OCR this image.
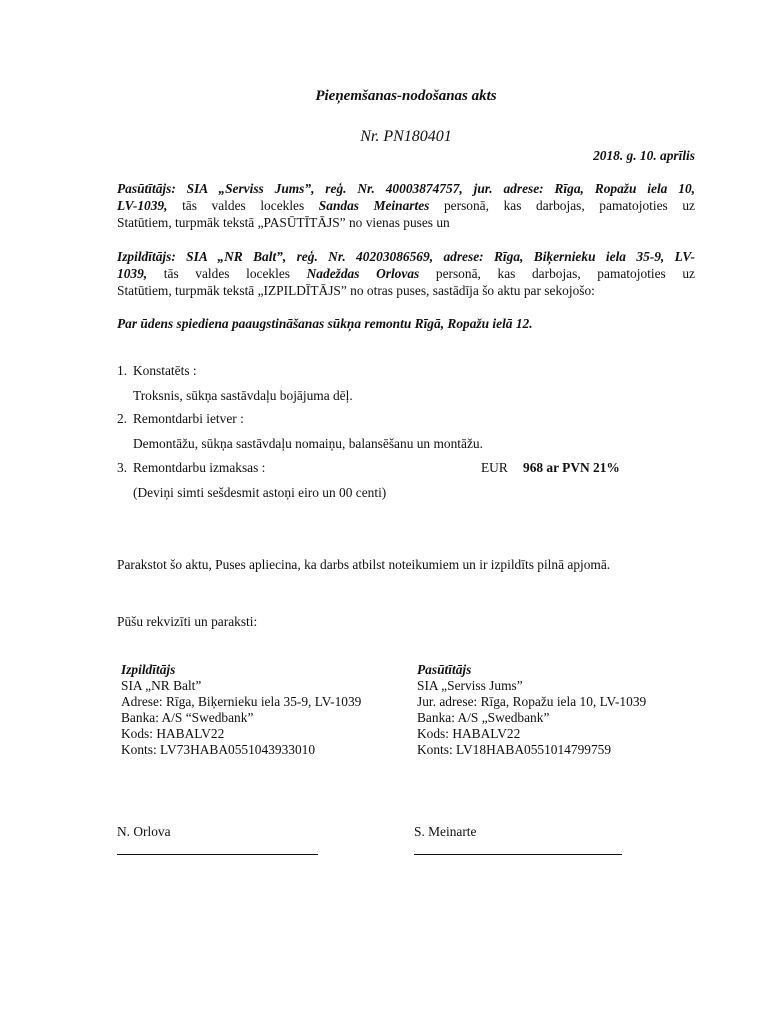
Pieņemšanas-nodošanas akts
Nr. PN180401
2018. g. 10. aprīlis
Pasūtītājs: SIA „Serviss Jums”, reģ. Nr. 40003874757, jur. adrese: Rīga, Ropažu iela 10,
LV-1039, tās valdes locekles Sandas Meinartes personā, kas darbojas, pamatojoties uz
Statūtiem, turpmāk tekstā „PASŪTĪTĀJS” no vienas puses un
Izpildītājs: SIA „NR Balt”, reģ. Nr. 40203086569, adrese: Rīga, Biķernieku iela 35-9, LV-
1039, tās valdes locekles Nadeždas Orlovas personā, kas darbojas, pamatojoties uz
Statūtiem, turpmāk tekstā „IZPILDĪTĀJS” no otras puses, sastādīja šo aktu par sekojošo:
Par ūdens spiediena paaugstināšanas sūkņa remontu Rīgā, Ropažu ielā 12.
1. Konstatēts :
Troksnis, sūkņa sastāvdaļu bojājuma dēļ.
2. Remontdarbi ietver :
Demontāžu, sūkņa sastāvdaļu nomaiņu, balansēšanu un montāžu.
3. Remontdarbu izmaksas :	EUR 968 ar PVN 21%
(Deviņi simti sešdesmit astoņi eiro un 00 centi)
Parakstot šo aktu, Puses apliecina, ka darbs atbilst noteikumiem un ir izpildīts pilnā apjomā.
Pūšu rekvizīti un paraksti:
Izpildītājs
SIA „NR Balt”
Adrese: Rīga, Biķernieku iela 35-9, LV-1039
Banka: A/S “Swedbank”
Kods: HABALV22
Konts: LV73HABA0551043933010
Pasūtītājs
SIA „Serviss Jums”
Jur. adrese: Rīga, Ropažu iela 10, LV-1039
Banka: A/S „Swedbank”
Kods: HABALV22
Konts: LV18HABA0551014799759
N. Orlova	S. Meinarte
